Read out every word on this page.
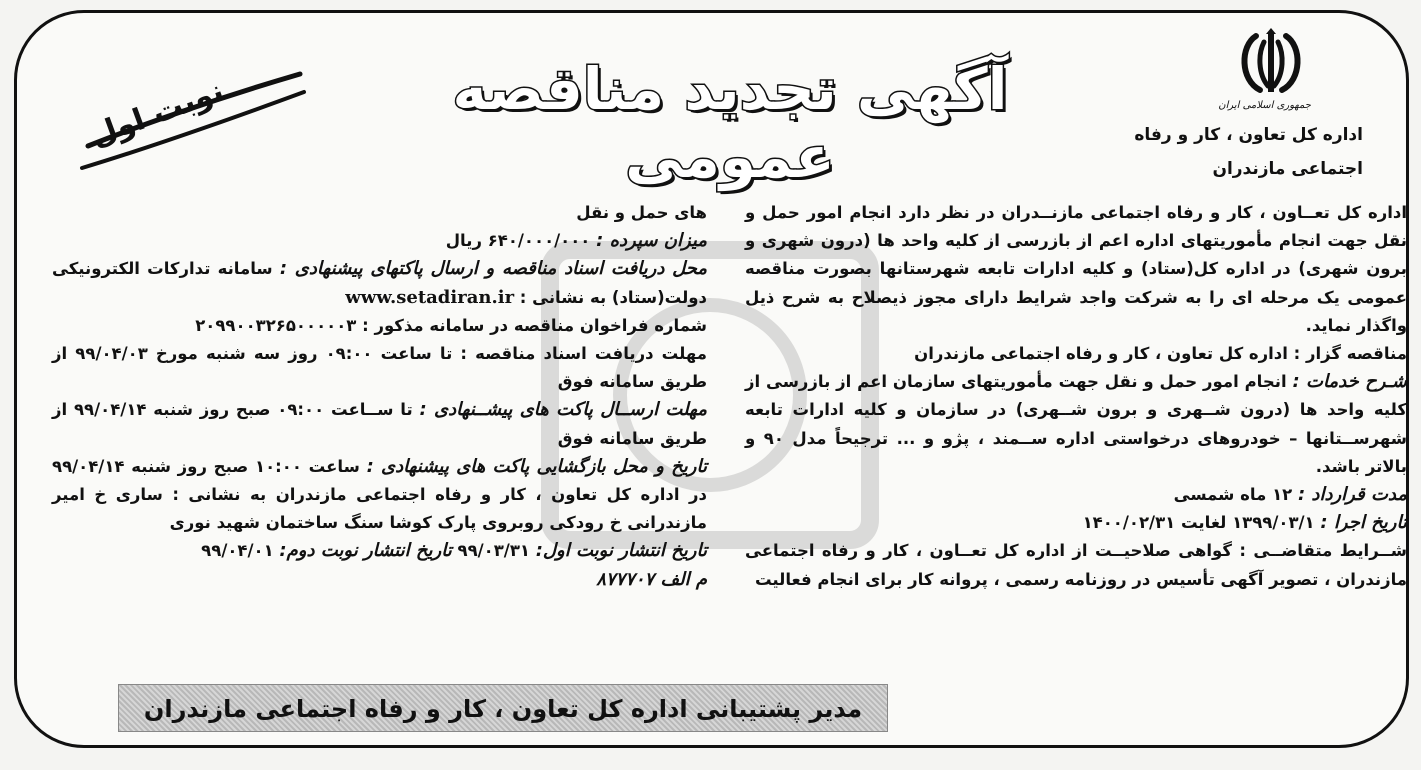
جمهوری اسلامی ایران
اداره کل تعاون ، کار و رفاه
اجتماعی مازندران
آگهی تجدید مناقصه عمومی
نوبت اول

اداره کل تعــاون ، کار و رفاه اجتماعی مازنــدران در نظر دارد انجام امور حمل و نقل جهت انجام مأموریتهای اداره اعم از بازرسی از کلیه واحد ها (درون شهری و برون شهری) در اداره کل(ستاد) و کلیه ادارات تابعه شهرستانها بصورت مناقصه عمومی یک مرحله ای را به شرکت واجد شرایط دارای مجوز ذیصلاح به شرح ذیل واگذار نماید.

مناقصه گزار : اداره کل تعاون ، کار و رفاه اجتماعی مازندران

شـرح خدمات : انجام امور حمل و نقل جهت مأموریتهای سازمان اعم از بازرسی از کلیه واحد ها (درون شــهری و برون شــهری) در سازمان و کلیه ادارات تابعه شهرســتانها – خودروهای درخواستی اداره ســمند ، پژو و ... ترجیحاً مدل ۹۰ و بالاتر باشد.

مدت قرارداد : ۱۲ ماه شمسی

تاریخ اجرا : ۱۳۹۹/۰۳/۱ لغایت ۱۴۰۰/۰۲/۳۱

شــرایط متقاضــی : گواهی صلاحیــت از اداره کل تعــاون ، کار و رفاه اجتماعی مازندران ، تصویر آگهی تأسیس در روزنامه رسمی ، پروانه کار برای انجام فعالیت

های حمل و نقل

میزان سپرده : ۶۴۰/۰۰۰/۰۰۰ ریال

محل دریافت اسناد مناقصه و ارسال پاکتهای پیشنهادی : سامانه تدارکات الکترونیکی دولت(ستاد) به نشانی : www.setadiran.ir

شماره فراخوان مناقصه در سامانه مذکور : ۲۰۹۹۰۰۳۲۶۵۰۰۰۰۰۳

مهلت دریافت اسناد مناقصه : تا ساعت ۰۹:۰۰ روز سه شنبه مورخ ۹۹/۰۴/۰۳ از طریق سامانه فوق

مهلت ارســال پاکت های پیشــنهادی : تا ســاعت ۰۹:۰۰ صبح روز شنبه ۹۹/۰۴/۱۴ از طریق سامانه فوق

تاریخ و محل بازگشایی پاکت های پیشنهادی : ساعت ۱۰:۰۰ صبح روز شنبه ۹۹/۰۴/۱۴ در اداره کل تعاون ، کار و رفاه اجتماعی مازندران به نشانی : ساری خ امیر مازندرانی خ رودکی روبروی پارک کوشا سنگ ساختمان شهید نوری

تاریخ انتشار نوبت اول: ۹۹/۰۳/۳۱ تاریخ انتشار نوبت دوم: ۹۹/۰۴/۰۱

م الف ۸۷۷۷۰۷

مدیر پشتیبانی اداره کل تعاون ، کار و رفاه اجتماعی مازندران
